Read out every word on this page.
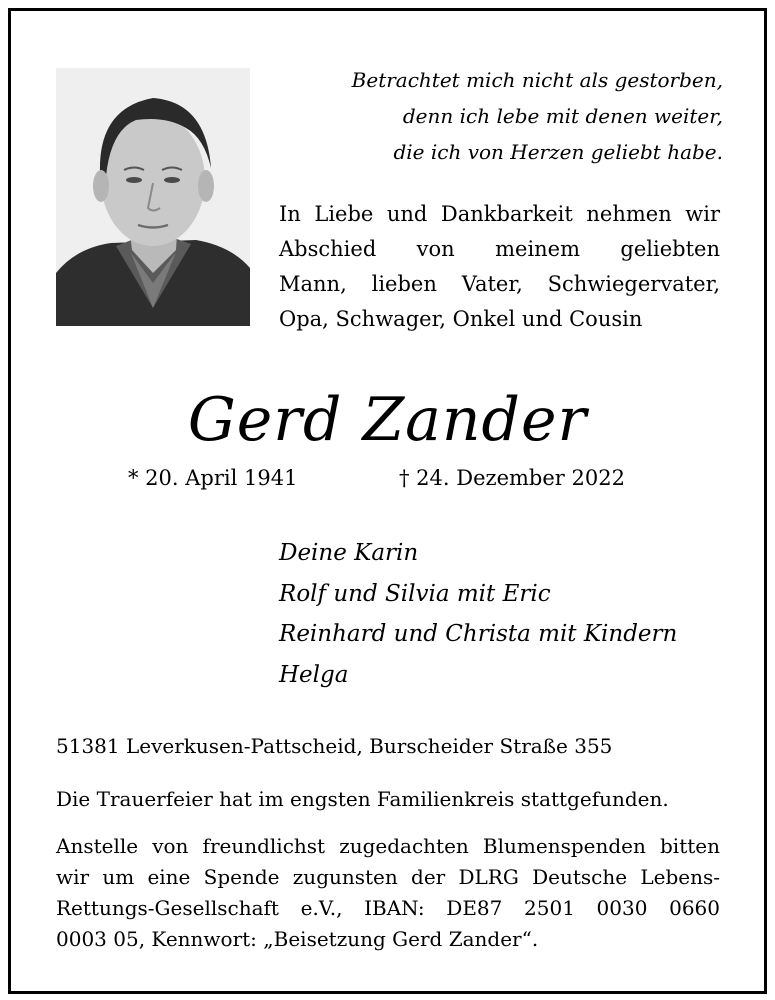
Betrachtet mich nicht als gestorben,
denn ich lebe mit denen weiter,
die ich von Herzen geliebt habe.
In Liebe und Dankbarkeit nehmen wir
Abschied von meinem geliebten
Mann, lieben Vater, Schwiegervater,
Opa, Schwager, Onkel und Cousin
Gerd Zander
* 20. April 1941	† 24. Dezember 2022
Deine Karin
Rolf und Silvia mit Eric
Reinhard und Christa mit Kindern
Helga
51381 Leverkusen-Pattscheid, Burscheider Straße 355
Die Trauerfeier hat im engsten Familienkreis stattgefunden.
Anstelle von freundlichst zugedachten Blumenspenden bitten
wir um eine Spende zugunsten der DLRG Deutsche Lebens-
Rettungs-Gesellschaft e.V., IBAN: DE87 2501 0030 0660
0003 05, Kennwort: „Beisetzung Gerd Zander“.
